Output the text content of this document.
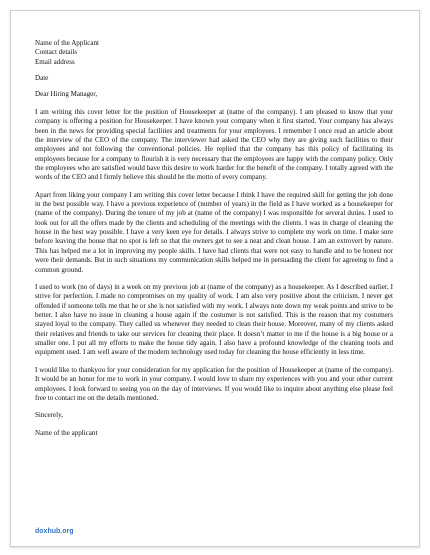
Name of the Applicant

Contact details

Email address

Date

Dear Hiring Manager,

I am writing this cover letter for the position of Housekeeper at (name of the company). I am pleased to know that your company is offering a position for Housekeeper. I have known your company when it first started. Your company has always been in the news for providing special facilities and treatments for your employees. I remember I once read an article about the interview of the CEO of the company. The interviewer had asked the CEO why they are giving such facilities to their employees and not following the conventional policies. He replied that the company has this policy of facilitating its employees because for a company to flourish it is very necessary that the employees are happy with the company policy. Only the employees who are satisfied would have this desire to work harder for the benefit of the company. I totally agreed with the words of the CEO and I firmly believe this should be the motto of every company.

Apart from liking your company I am writing this cover letter because I think I have the required skill for getting the job done in the best possible way. I have a previous experience of (number of years) in the field as I have worked as a housekeeper for (name of the company). During the tenure of my job at (name of the company) I was responsible for several duties. I used to look out for all the offers made by the clients and scheduling of the meetings with the clients. I was in charge of cleaning the house in the best way possible. I have a very keen eye for details. I always strive to complete my work on time. I make sure before leaving the house that no spot is left so that the owners get to see a neat and clean house. I am an extrovert by nature. This has helped me a lot in improving my people skills. I have had clients that were not easy to handle and to be honest nor were their demands. But in such situations my communication skills helped me in persuading the client for agreeing to find a common ground.

I used to work (no of days) in a week on my previous job at (name of the company) as a housekeeper. As I described earlier, I strive for perfection. I made no compromises on my quality of work. I am also very positive about the criticism. I never get offended if someone tells me that he or she is not satisfied with my work. I always note down my weak points and strive to be better. I also have no issue in cleaning a house again if the costumer is not satisfied. This is the reason that my costumers stayed loyal to the company. They called us whenever they needed to clean their house. Moreover, many of my clients asked their relatives and friends to take our services for cleaning their place. It doesn’t matter to me if the house is a big house or a smaller one. I put all my efforts to make the house tidy again. I also have a profound knowledge of the cleaning tools and equipment used. I am well aware of the modern technology used today for cleaning the house efficiently in less time.

I would like to thankyou for your consideration for my application for the position of Housekeeper at (name of the company). It would be an honor for me to work in your company. I would love to share my experiences with you and your other current employees. I look forward to seeing you on the day of interviews. If you would like to inquire about anything else please feel free to contact me on the details mentioned.

Sincerely,

Name of the applicant

doxhub.org
